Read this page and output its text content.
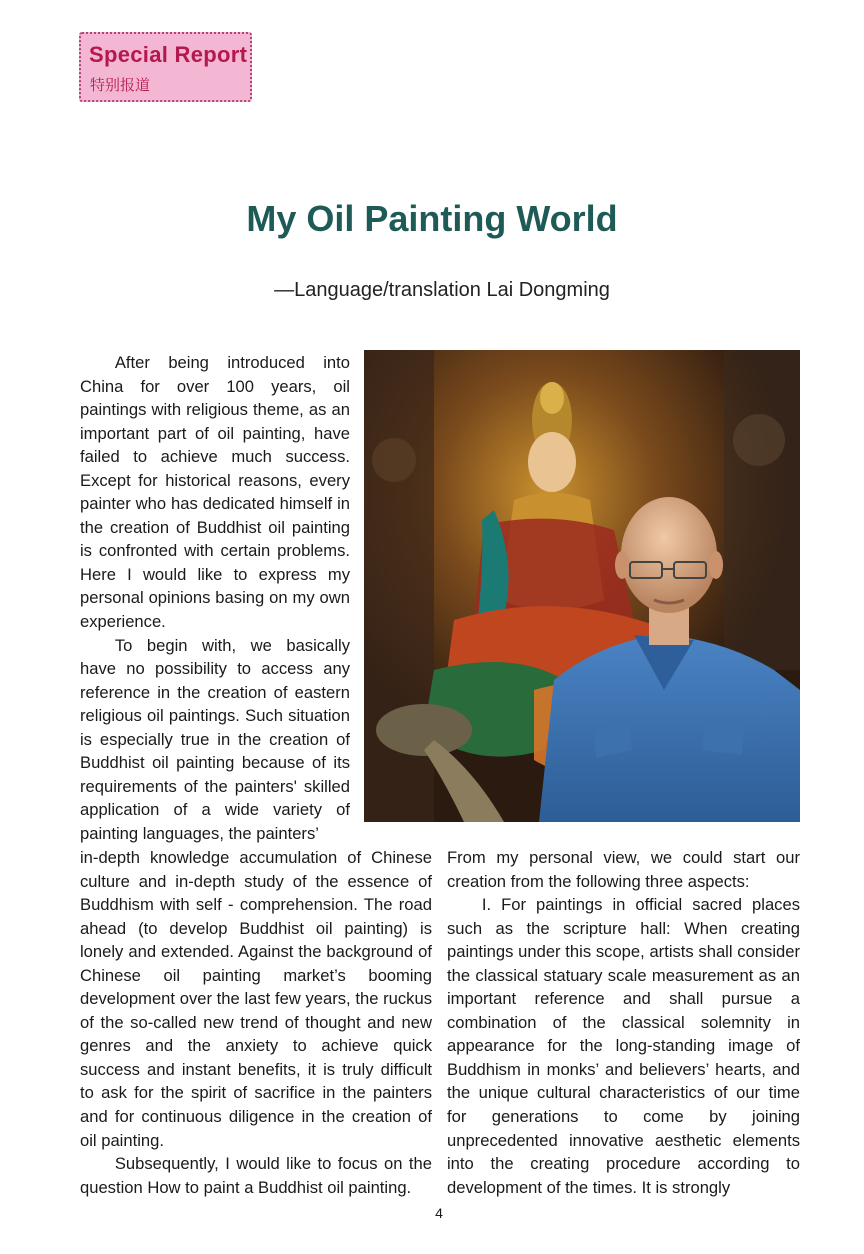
Special Report
特别报道
My Oil Painting World
—Language/translation Lai Dongming

After being introduced into China for over 100 years, oil paintings with religious theme, as an important part of oil painting, have failed to achieve much success. Except for historical reasons, every painter who has dedicated himself in the creation of Buddhist oil painting is confronted with certain problems. Here I would like to express my personal opinions basing on my own experience.

To begin with, we basically have no possibility to access any reference in the creation of eastern religious oil paintings. Such situation is especially true in the creation of Buddhist oil painting because of its requirements of the painters' skilled application of a wide variety of painting languages, the painters’

in-depth knowledge accumulation of Chinese culture and in-depth study of the essence of Buddhism with self - comprehension. The road ahead (to develop Buddhist oil painting) is lonely and extended. Against the background of Chinese oil painting market’s booming development over the last few years, the ruckus of the so-called new trend of thought and new genres and the anxiety to achieve quick success and instant benefits, it is truly difficult to ask for the spirit of sacrifice in the painters and for continuous diligence in the creation of oil painting.

Subsequently, I would like to focus on the question How to paint a Buddhist oil painting.

From my personal view, we could start our creation from the following three aspects:

I. For paintings in official sacred places such as the scripture hall: When creating paintings under this scope, artists shall consider the classical statuary scale measurement as an important reference and shall pursue a combination of the classical solemnity in appearance for the long-standing image of Buddhism in monks’ and believers’ hearts, and the unique cultural characteristics of our time for generations to come by joining unprecedented innovative aesthetic elements into the creating procedure according to development of the times. It is strongly

4
